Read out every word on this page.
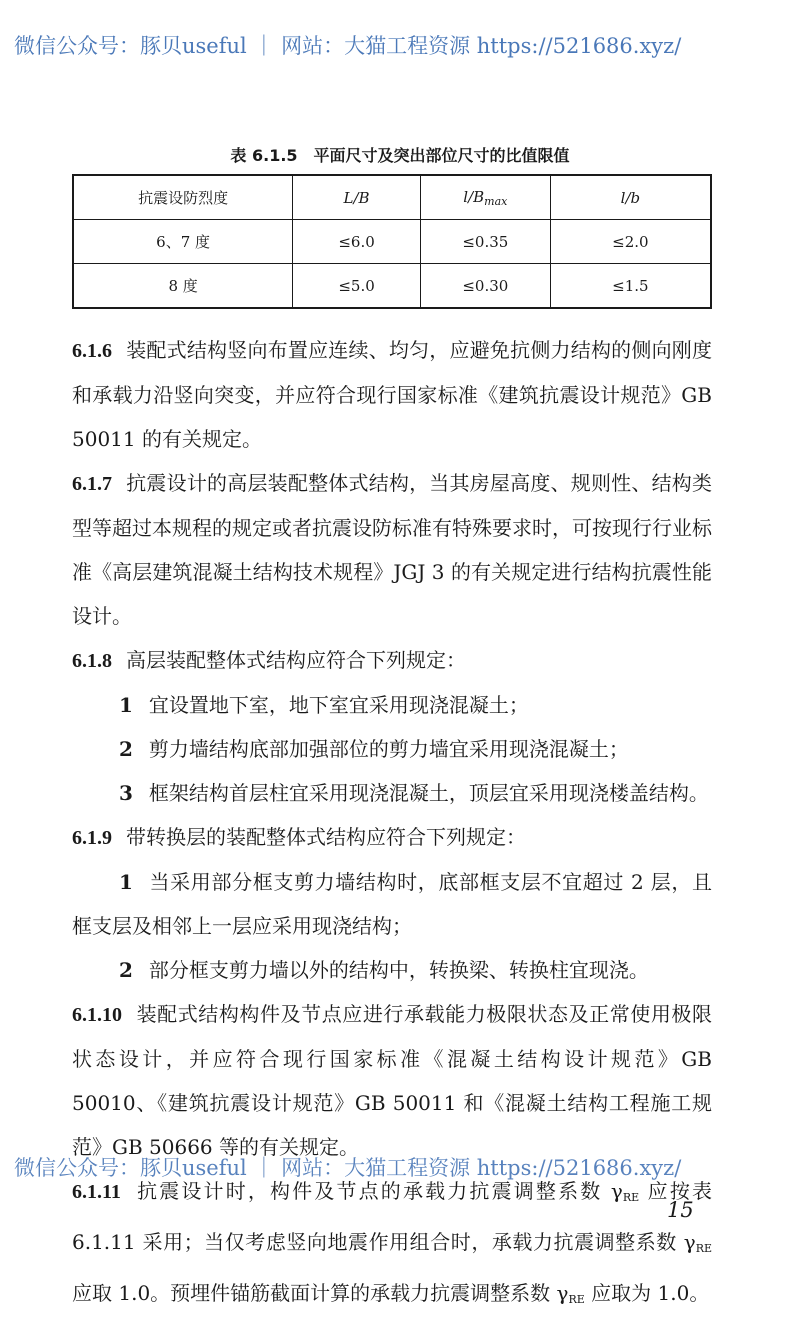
微信公众号：豚贝useful ｜ 网站：大猫工程资源 https://521686.xyz/
表 6.1.5　平面尺寸及突出部位尺寸的比值限值
抗震设防烈度	L/B	$l/B_{max}$	l/b
6、7 度	≤6.0	≤0.35	≤2.0
8 度	≤5.0	≤0.30	≤1.5

6.1.6 装配式结构竖向布置应连续、均匀，应避免抗侧力结构的侧向刚度和承载力沿竖向突变，并应符合现行国家标准《建筑抗震设计规范》GB 50011 的有关规定。

6.1.7 抗震设计的高层装配整体式结构，当其房屋高度、规则性、结构类型等超过本规程的规定或者抗震设防标准有特殊要求时，可按现行行业标准《高层建筑混凝土结构技术规程》JGJ 3 的有关规定进行结构抗震性能设计。

6.1.8 高层装配整体式结构应符合下列规定：

1 宜设置地下室，地下室宜采用现浇混凝土；

2 剪力墙结构底部加强部位的剪力墙宜采用现浇混凝土；

3 框架结构首层柱宜采用现浇混凝土，顶层宜采用现浇楼盖结构。

6.1.9 带转换层的装配整体式结构应符合下列规定：

1 当采用部分框支剪力墙结构时，底部框支层不宜超过 2 层，且框支层及相邻上一层应采用现浇结构；

2 部分框支剪力墙以外的结构中，转换梁、转换柱宜现浇。

6.1.10 装配式结构构件及节点应进行承载能力极限状态及正常使用极限状态设计，并应符合现行国家标准《混凝土结构设计规范》GB 50010、《建筑抗震设计规范》GB 50011 和《混凝土结构工程施工规范》GB 50666 等的有关规定。

6.1.11 抗震设计时，构件及节点的承载力抗震调整系数 $\gamma_{RE}$ 应按表 6.1.11 采用；当仅考虑竖向地震作用组合时，承载力抗震调整系数 $\gamma_{RE}$ 应取 1.0。预埋件锚筋截面计算的承载力抗震调整系数 $\gamma_{RE}$ 应取为 1.0。

微信公众号：豚贝useful ｜ 网站：大猫工程资源 https://521686.xyz/
15
